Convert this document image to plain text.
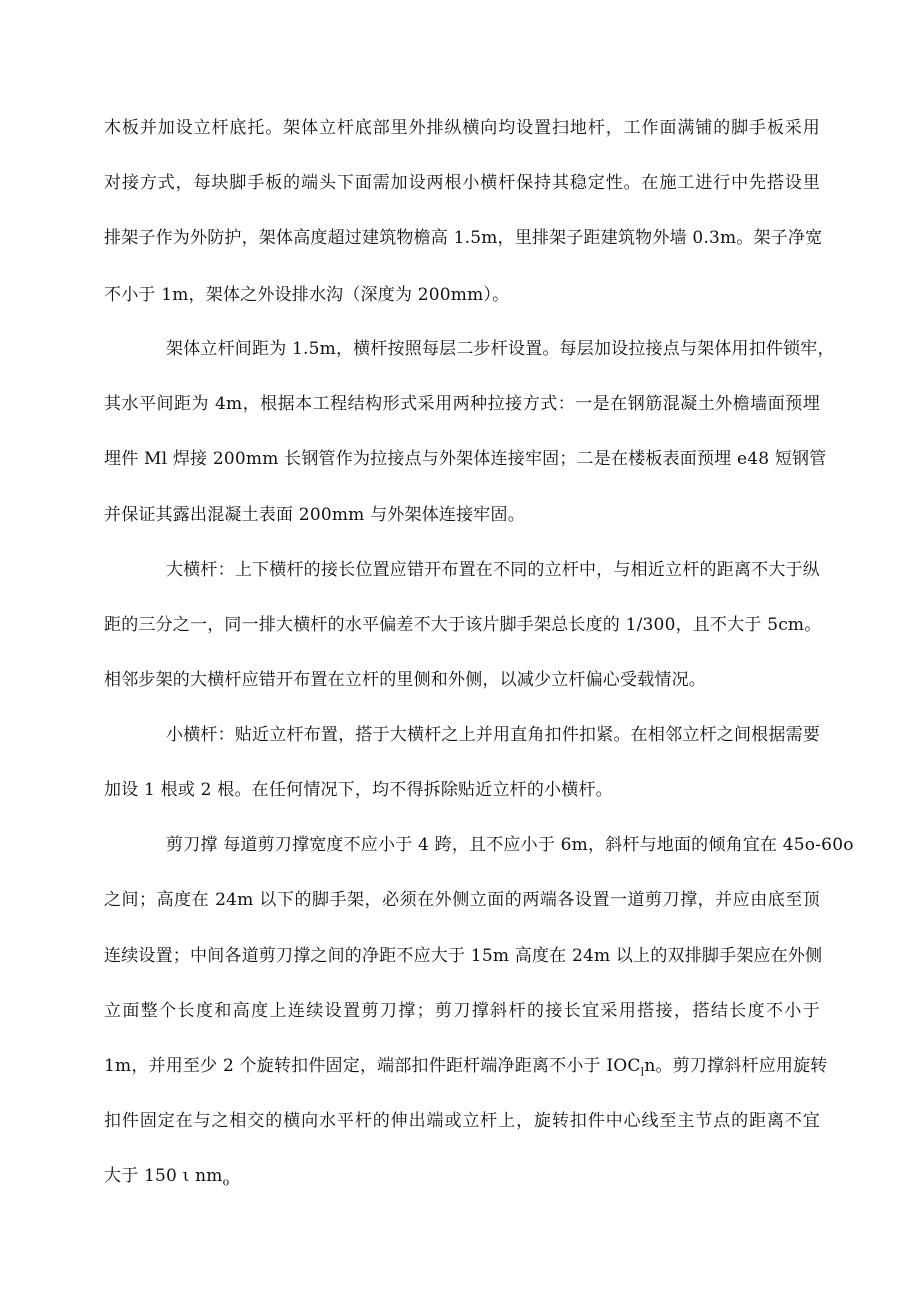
木板并加设立杆底托。架体立杆底部里外排纵横向均设置扫地杆，工作面满铺的脚手板采用
对接方式，每块脚手板的端头下面需加设两根小横杆保持其稳定性。在施工进行中先搭设里
排架子作为外防护，架体高度超过建筑物檐高 1.5m，里排架子距建筑物外墙 0.3m。架子净宽
不小于 1m，架体之外设排水沟（深度为 200mm）。
架体立杆间距为 1.5m，横杆按照每层二步杆设置。每层加设拉接点与架体用扣件锁牢，
其水平间距为 4m，根据本工程结构形式采用两种拉接方式：一是在钢筋混凝土外檐墙面预埋
埋件 Ml 焊接 200mm 长钢管作为拉接点与外架体连接牢固；二是在楼板表面预埋 e48 短钢管
并保证其露出混凝土表面 200mm 与外架体连接牢固。
大横杆：上下横杆的接长位置应错开布置在不同的立杆中，与相近立杆的距离不大于纵
距的三分之一，同一排大横杆的水平偏差不大于该片脚手架总长度的 1/300，且不大于 5cm。
相邻步架的大横杆应错开布置在立杆的里侧和外侧，以减少立杆偏心受载情况。
小横杆：贴近立杆布置，搭于大横杆之上并用直角扣件扣紧。在相邻立杆之间根据需要
加设 1 根或 2 根。在任何情况下，均不得拆除贴近立杆的小横杆。
剪刀撑 每道剪刀撑宽度不应小于 4 跨，且不应小于 6m，斜杆与地面的倾角宜在 45o-60o
之间；高度在 24m 以下的脚手架，必须在外侧立面的两端各设置一道剪刀撑，并应由底至顶
连续设置；中间各道剪刀撑之间的净距不应大于 15m 高度在 24m 以上的双排脚手架应在外侧
立面整个长度和高度上连续设置剪刀撑；剪刀撑斜杆的接长宜采用搭接，搭结长度不小于
1m，并用至少 2 个旋转扣件固定，端部扣件距杆端净距离不小于 $IOC_ln$。剪刀撑斜杆应用旋转
扣件固定在与之相交的横向水平杆的伸出端或立杆上，旋转扣件中心线至主节点的距离不宜
大于 150 ι $nm_o$
